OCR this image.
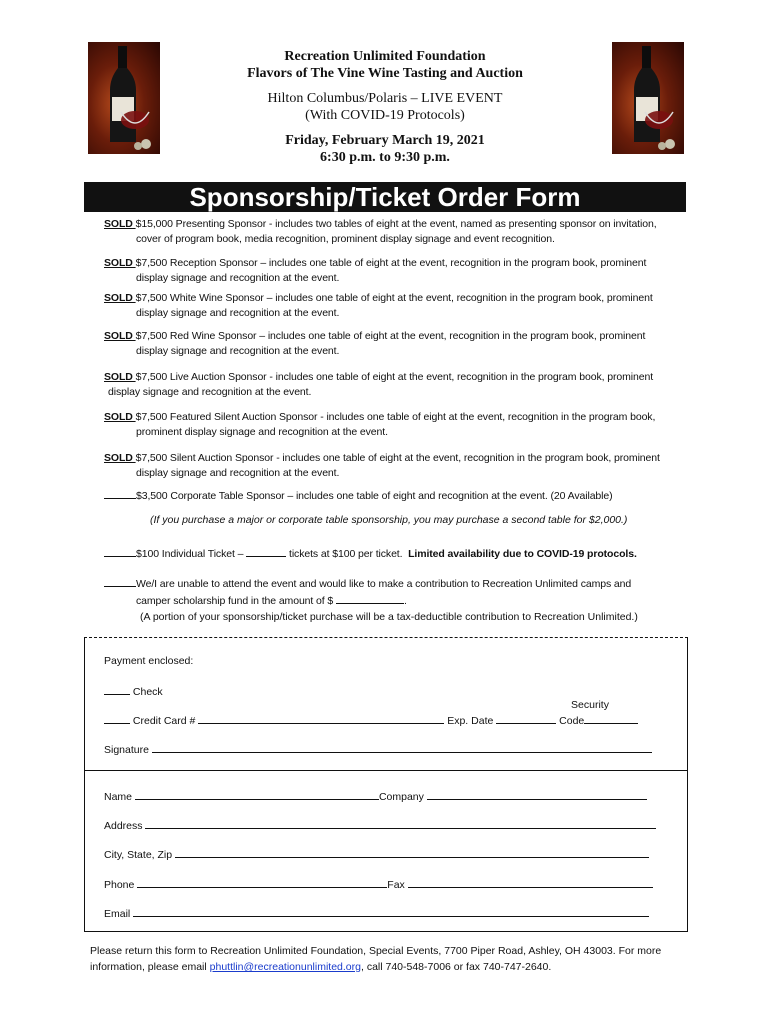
Recreation Unlimited Foundation
Flavors of The Vine Wine Tasting and Auction
Hilton Columbus/Polaris – LIVE EVENT
(With COVID-19 Protocols)
Friday, February March 19, 2021
6:30 p.m. to 9:30 p.m.
Sponsorship/Ticket Order Form
SOLD $15,000 Presenting Sponsor - includes two tables of eight at the event, named as presenting sponsor on invitation,
cover of program book, media recognition, prominent display signage and event recognition.
SOLD $7,500 Reception Sponsor – includes one table of eight at the event, recognition in the program book, prominent
display signage and recognition at the event.
SOLD $7,500 White Wine Sponsor – includes one table of eight at the event, recognition in the program book, prominent
display signage and recognition at the event.
SOLD $7,500 Red Wine Sponsor – includes one table of eight at the event, recognition in the program book, prominent
display signage and recognition at the event.
SOLD $7,500 Live Auction Sponsor - includes one table of eight at the event, recognition in the program book, prominent
display signage and recognition at the event.
SOLD $7,500 Featured Silent Auction Sponsor - includes one table of eight at the event, recognition in the program book,
prominent display signage and recognition at the event.
SOLD $7,500 Silent Auction Sponsor - includes one table of eight at the event, recognition in the program book, prominent
display signage and recognition at the event.
$3,500 Corporate Table Sponsor – includes one table of eight and recognition at the event. (20 Available)
(If you purchase a major or corporate table sponsorship, you may purchase a second table for $2,000.)
$100 Individual Ticket –	tickets at $100 per ticket. Limited availability due to COVID-19 protocols.
We/I are unable to attend the event and would like to make a contribution to Recreation Unlimited camps and
camper scholarship fund in the amount of $	.
(A portion of your sponsorship/ticket purchase will be a tax-deductible contribution to Recreation Unlimited.)
Payment enclosed:
Check
Security
Credit Card #	Exp. Date	Code
Signature
Name	Company
Address
City, State, Zip
Phone	Fax
Email
Please return this form to Recreation Unlimited Foundation, Special Events, 7700 Piper Road, Ashley, OH 43003. For more
information, please email phuttlin@recreationunlimited.org, call 740-548-7006 or fax 740-747-2640.
